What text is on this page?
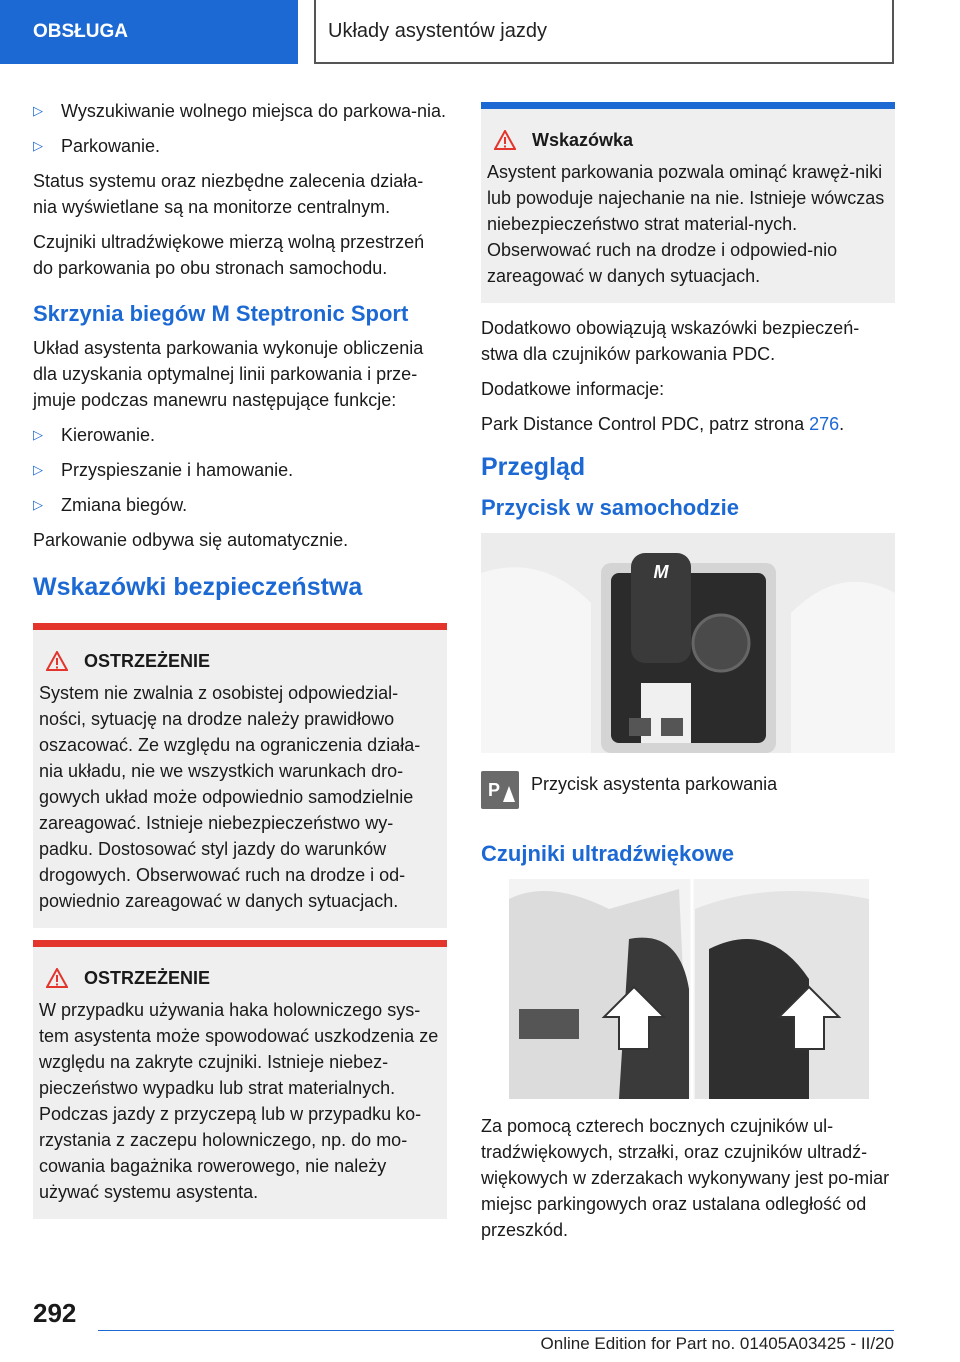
OBSŁUGA	Układy asystentów jazdy
▷	Wyszukiwanie wolnego miejsca do parkowa-nia.
▷	Parkowanie.

Status systemu oraz niezbędne zalecenia działa-nia wyświetlane są na monitorze centralnym.

Czujniki ultradźwiękowe mierzą wolną przestrzeń do parkowania po obu stronach samochodu.

Skrzynia biegów M Steptronic Sport

Układ asystenta parkowania wykonuje obliczenia dla uzyskania optymalnej linii parkowania i prze-jmuje podczas manewru następujące funkcje:

▷	Kierowanie.
▷	Przyspieszanie i hamowanie.
▷	Zmiana biegów.

Parkowanie odbywa się automatycznie.

Wskazówki bezpieczeństwa
OSTRZEŻENIE

System nie zwalnia z osobistej odpowiedzial-ności, sytuację na drodze należy prawidłowo oszacować. Ze względu na ograniczenia działa-nia układu, nie we wszystkich warunkach dro-gowych układ może odpowiednio samodzielnie zareagować. Istnieje niebezpieczeństwo wy-padku. Dostosować styl jazdy do warunków drogowych. Obserwować ruch na drodze i od-powiednio zareagować w danych sytuacjach.

OSTRZEŻENIE

W przypadku używania haka holowniczego sys-tem asystenta może spowodować uszkodzenia ze względu na zakryte czujniki. Istnieje niebez-pieczeństwo wypadku lub strat materialnych. Podczas jazdy z przyczepą lub w przypadku ko-rzystania z zaczepu holowniczego, np. do mo-cowania bagażnika rowerowego, nie należy używać systemu asystenta.

Wskazówka

Asystent parkowania pozwala ominąć krawęż-niki lub powoduje najechanie na nie. Istnieje wówczas niebezpieczeństwo strat material-nych. Obserwować ruch na drodze i odpowied-nio zareagować w danych sytuacjach.

Dodatkowo obowiązują wskazówki bezpieczeń-stwa dla czujników parkowania PDC.

Dodatkowe informacje:

Park Distance Control PDC, patrz strona 276.

Przegląd
Przycisk w samochodzie
M
P Przycisk asystenta parkowania
Czujniki ultradźwiękowe

Za pomocą czterech bocznych czujników ul-tradźwiękowych, strzałki, oraz czujników ultradź-więkowych w zderzakach wykonywany jest po-miar miejsc parkingowych oraz ustalana odległość od przeszkód.

292
Online Edition for Part no. 01405A03425 - II/20
